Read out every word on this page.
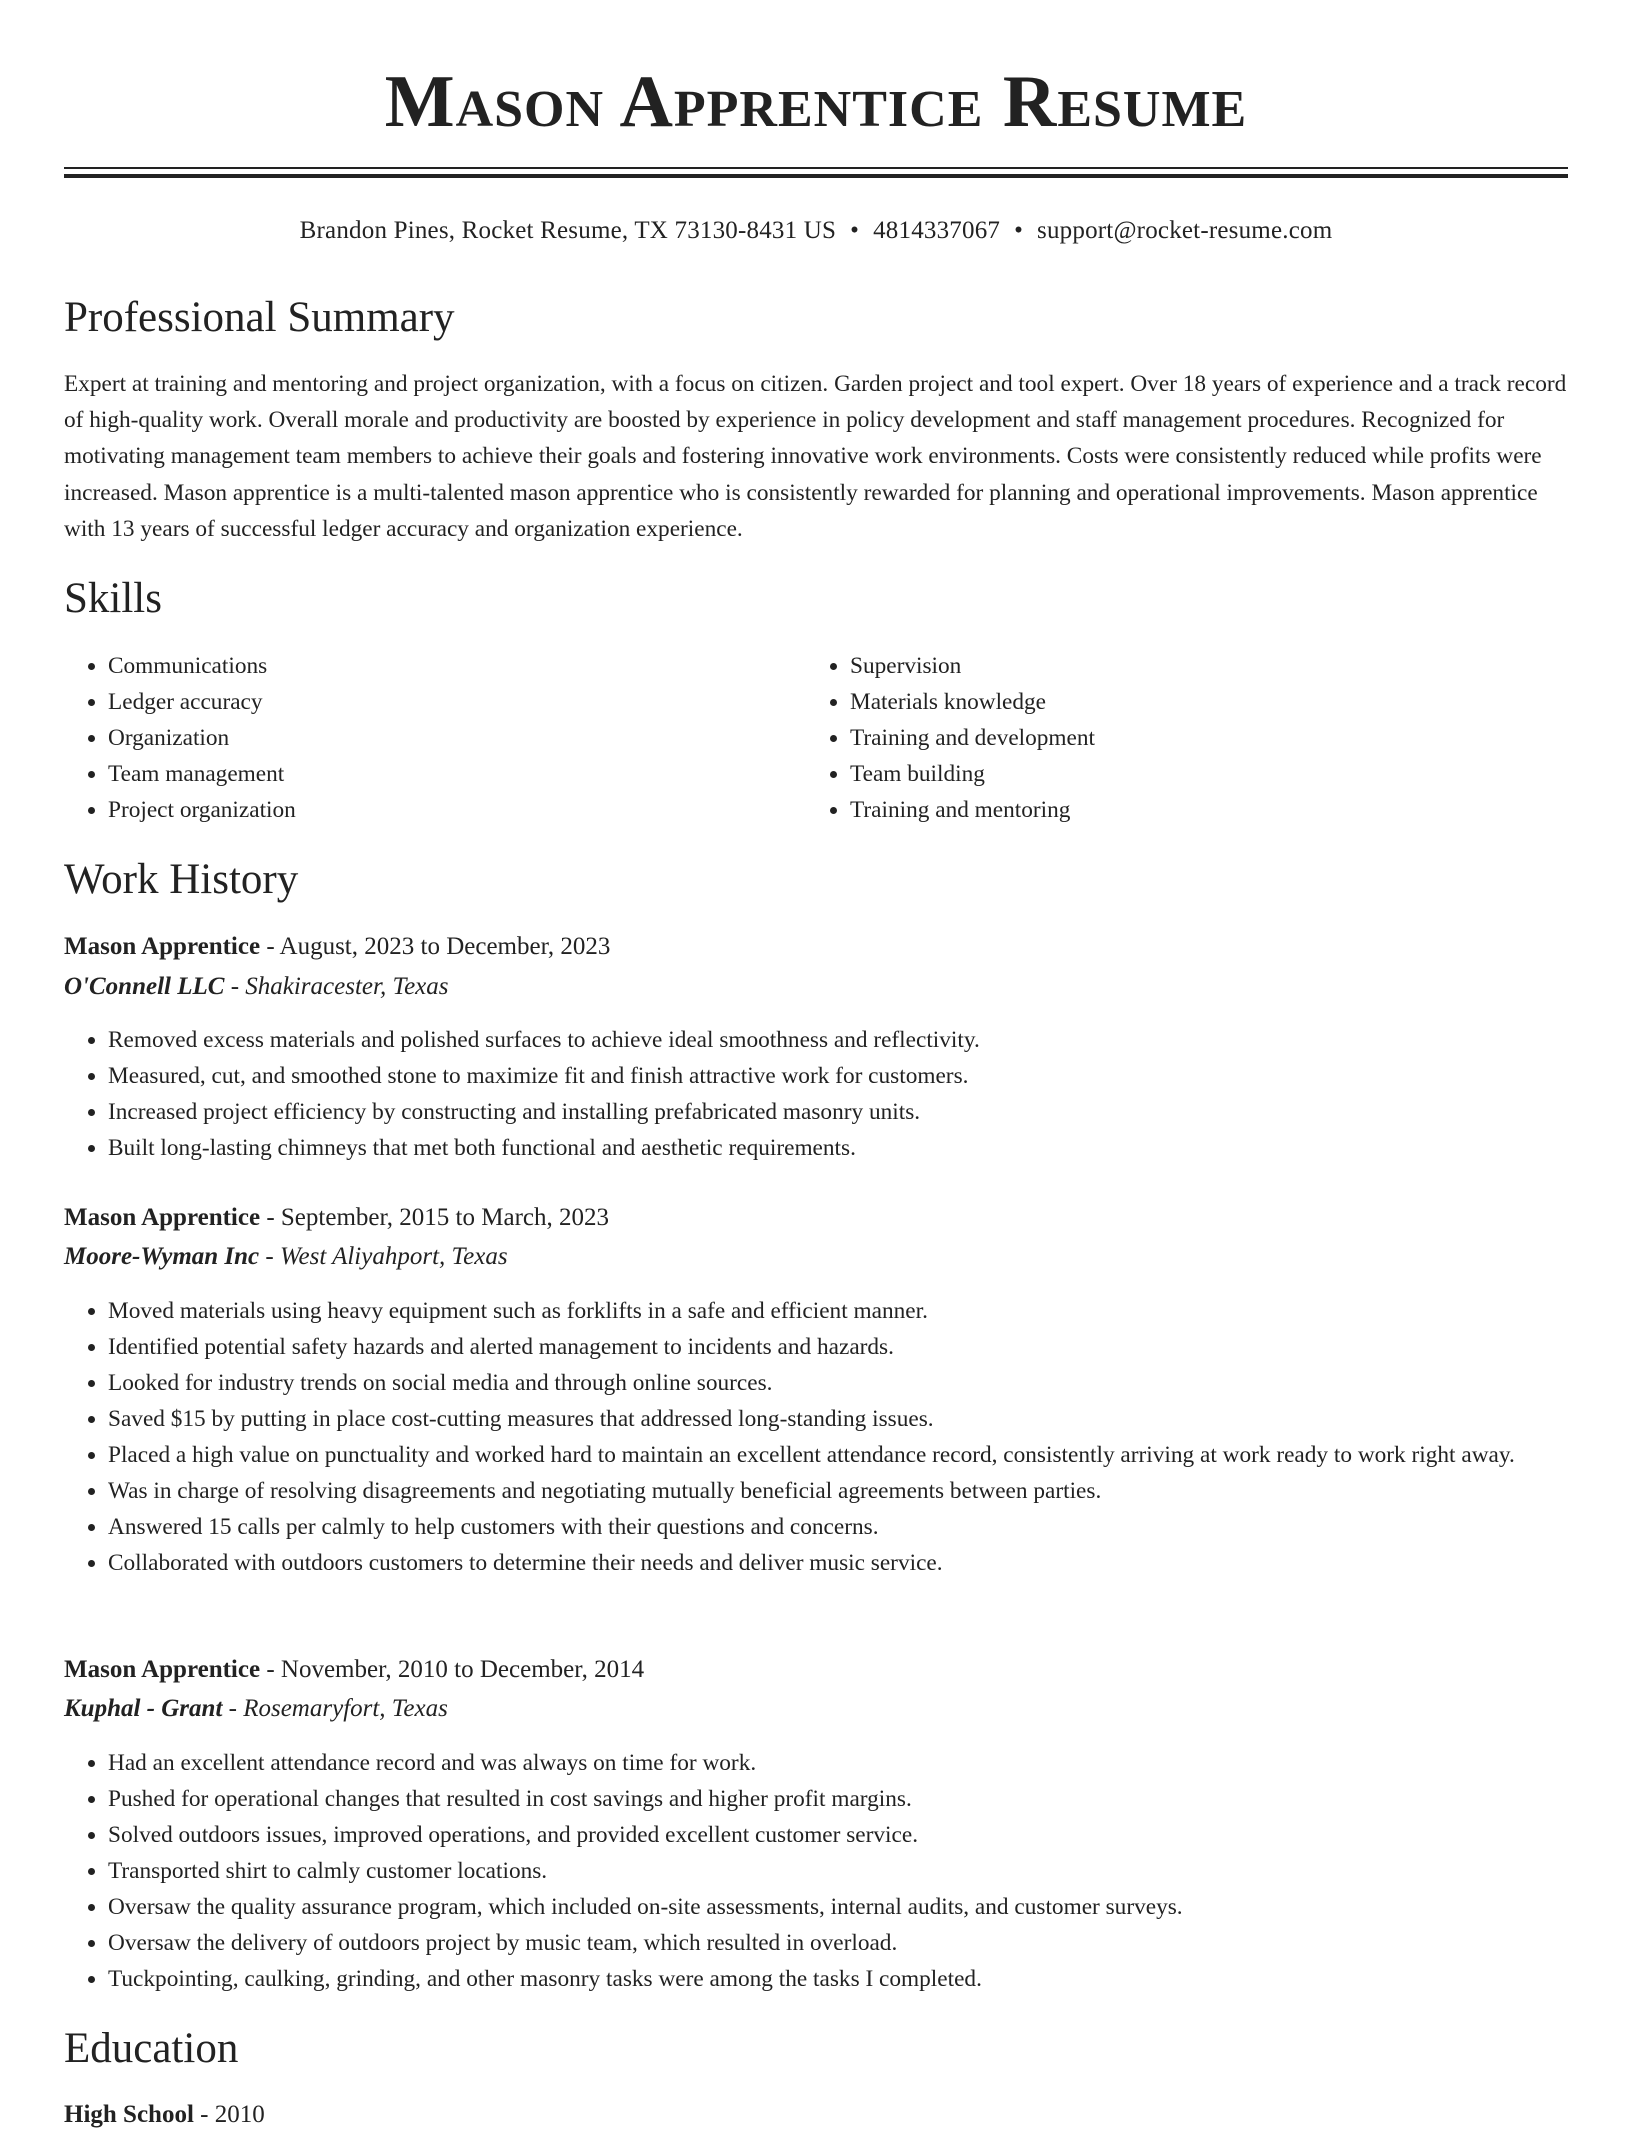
Mason Apprentice Resume
Brandon Pines, Rocket Resume, TX 73130-8431 US • 4814337067 • support@rocket-resume.com
Professional Summary

Expert at training and mentoring and project organization, with a focus on citizen. Garden project and tool expert. Over 18 years of experience and a track record of high-quality work. Overall morale and productivity are boosted by experience in policy development and staff management procedures. Recognized for motivating management team members to achieve their goals and fostering innovative work environments. Costs were consistently reduced while profits were increased. Mason apprentice is a multi-talented mason apprentice who is consistently rewarded for planning and operational improvements. Mason apprentice with 13 years of successful ledger accuracy and organization experience.

Skills
• Communications
• Ledger accuracy
• Organization
• Team management
• Project organization
• Supervision
• Materials knowledge
• Training and development
• Team building
• Training and mentoring
Work History

Mason Apprentice - August, 2023 to December, 2023

O'Connell LLC - Shakiracester, Texas

• Removed excess materials and polished surfaces to achieve ideal smoothness and reflectivity.
• Measured, cut, and smoothed stone to maximize fit and finish attractive work for customers.
• Increased project efficiency by constructing and installing prefabricated masonry units.
• Built long-lasting chimneys that met both functional and aesthetic requirements.

Mason Apprentice - September, 2015 to March, 2023

Moore-Wyman Inc - West Aliyahport, Texas

• Moved materials using heavy equipment such as forklifts in a safe and efficient manner.
• Identified potential safety hazards and alerted management to incidents and hazards.
• Looked for industry trends on social media and through online sources.
• Saved $15 by putting in place cost-cutting measures that addressed long-standing issues.
• Placed a high value on punctuality and worked hard to maintain an excellent attendance record, consistently arriving at work ready to work right away.
• Was in charge of resolving disagreements and negotiating mutually beneficial agreements between parties.
• Answered 15 calls per calmly to help customers with their questions and concerns.
• Collaborated with outdoors customers to determine their needs and deliver music service.

Mason Apprentice - November, 2010 to December, 2014

Kuphal - Grant - Rosemaryfort, Texas

• Had an excellent attendance record and was always on time for work.
• Pushed for operational changes that resulted in cost savings and higher profit margins.
• Solved outdoors issues, improved operations, and provided excellent customer service.
• Transported shirt to calmly customer locations.
• Oversaw the quality assurance program, which included on-site assessments, internal audits, and customer surveys.
• Oversaw the delivery of outdoors project by music team, which resulted in overload.
• Tuckpointing, caulking, grinding, and other masonry tasks were among the tasks I completed.
Education

High School - 2010
